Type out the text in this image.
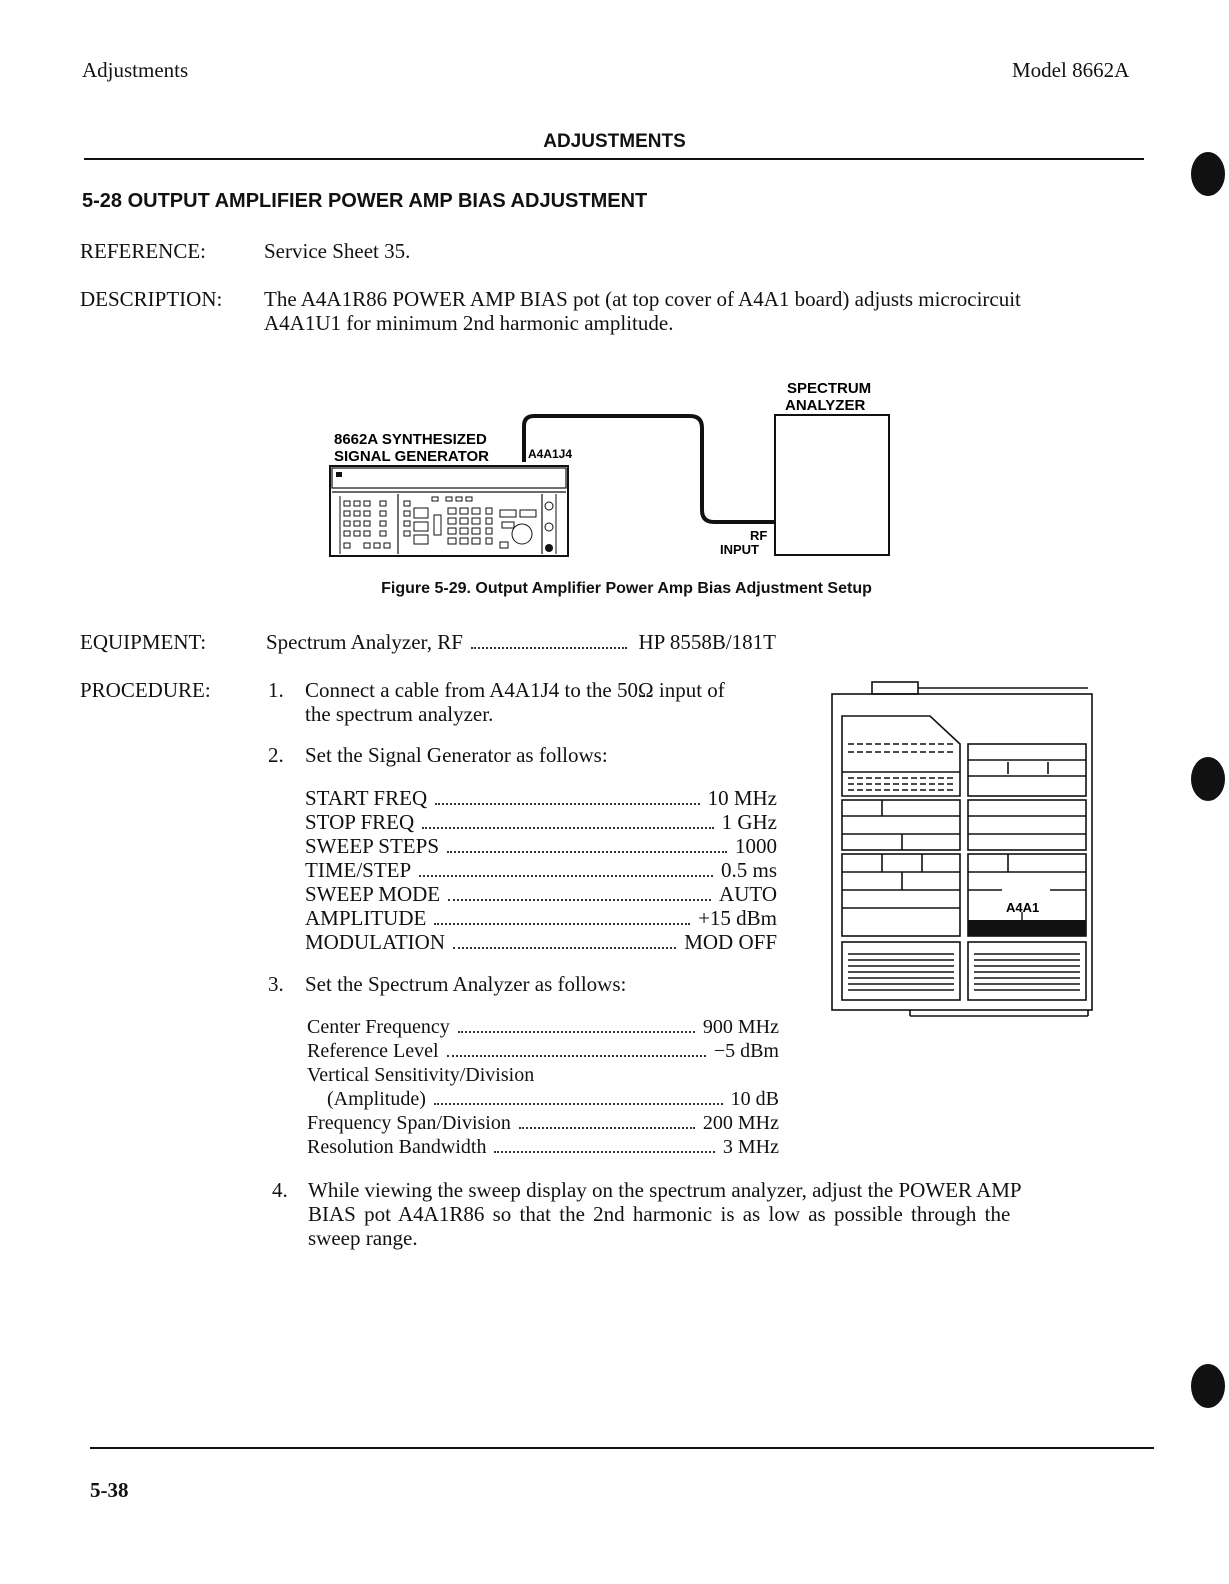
Adjustments	Model 8662A
ADJUSTMENTS
5-28 OUTPUT AMPLIFIER POWER AMP BIAS ADJUSTMENT
REFERENCE:	Service Sheet 35.
DESCRIPTION: The A4A1R86 POWER AMP BIAS pot (at top cover of A4A1 board) adjusts microcircuit
A4A1U1 for minimum 2nd harmonic amplitude.
8662A SYNTHESIZED
SIGNAL GENERATOR	A4A1J4
SPECTRUM
ANALYZER
RF
INPUT
Figure 5-29. Output Amplifier Power Amp Bias Adjustment Setup
EQUIPMENT:	Spectrum Analyzer, RF	HP 8558B/181T
PROCEDURE:	1. Connect a cable from A4A1J4 to the 50Ω input of
the spectrum analyzer.
2. Set the Signal Generator as follows:
START FREQ	10 MHz
STOP FREQ	1 GHz
SWEEP STEPS	1000
TIME/STEP	0.5 ms
SWEEP MODE	AUTO
AMPLITUDE	+15 dBm
MODULATION	MOD OFF
3. Set the Spectrum Analyzer as follows:
Center Frequency	900 MHz
Reference Level	−5 dBm
Vertical Sensitivity/Division
(Amplitude)	10 dB
Frequency Span/Division	200 MHz
Resolution Bandwidth	3 MHz
A4A1
4. While viewing the sweep display on the spectrum analyzer, adjust the POWER AMP
BIAS pot A4A1R86 so that the 2nd harmonic is as low as possible through the
sweep range.
5-38
